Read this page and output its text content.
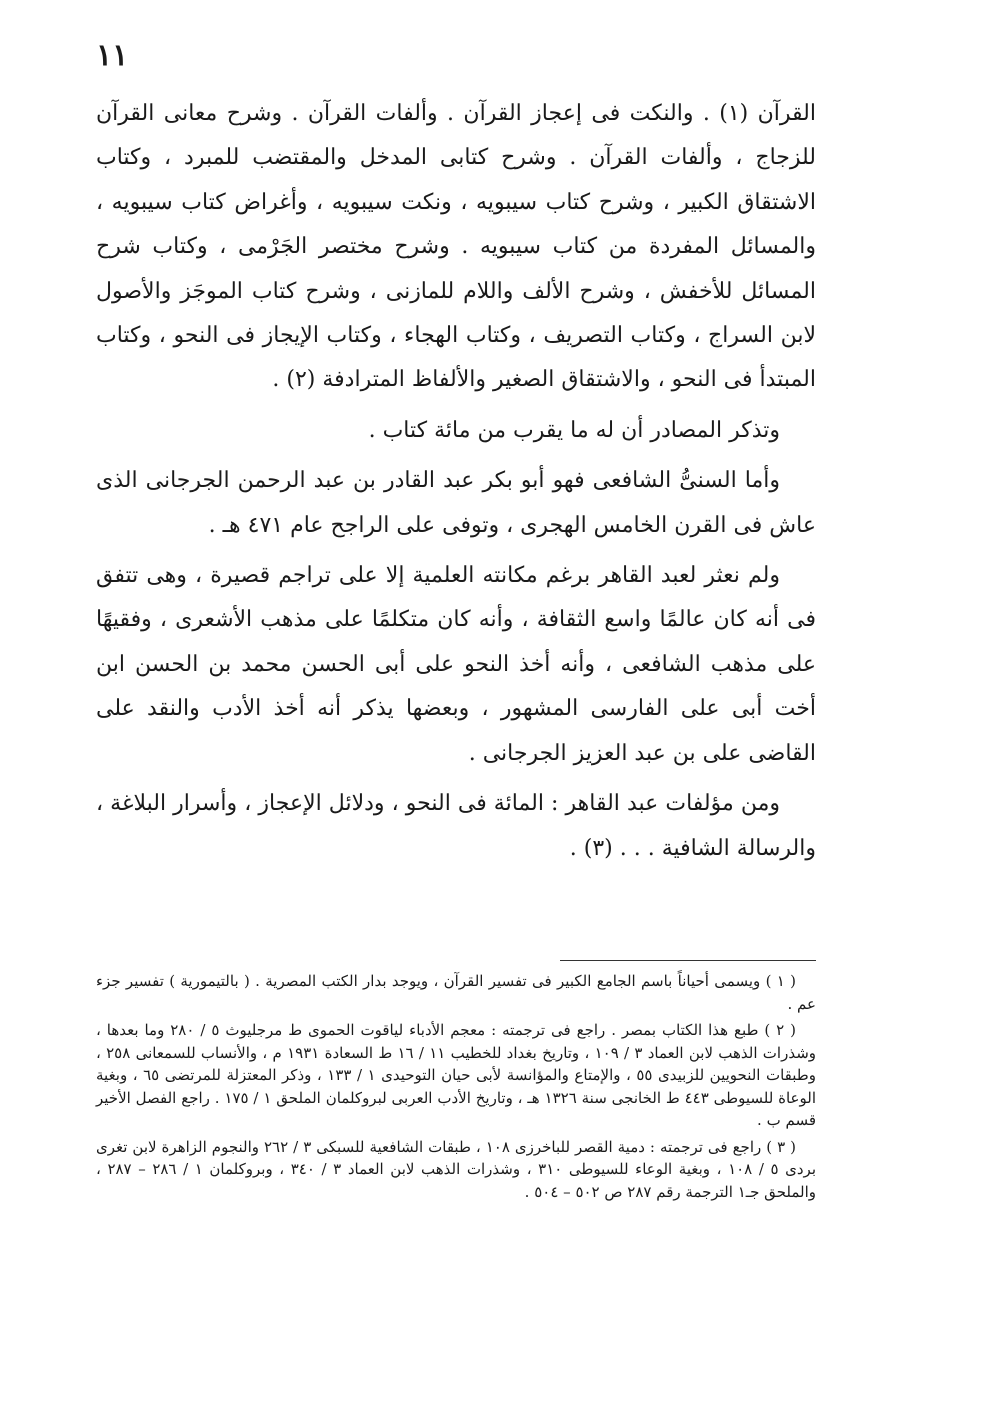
١١

القرآن (١) . والنكت فى إعجاز القرآن . وألفات القرآن . وشرح معانى القرآن للزجاج ، وألفات القرآن . وشرح كتابى المدخل والمقتضب للمبرد ، وكتاب الاشتقاق الكبير ، وشرح كتاب سيبويه ، ونكت سيبويه ، وأغراض كتاب سيبويه ، والمسائل المفردة من كتاب سيبويه . وشرح مختصر الجَرْمى ، وكتاب شرح المسائل للأخفش ، وشرح الألف واللام للمازنى ، وشرح كتاب الموجَز والأصول لابن السراج ، وكتاب التصريف ، وكتاب الهجاء ، وكتاب الإيجاز فى النحو ، وكتاب المبتدأ فى النحو ، والاشتقاق الصغير والألفاظ المترادفة (٢) .

وتذكر المصادر أن له ما يقرب من مائة كتاب .

وأما السنىُّ الشافعى فهو أبو بكر عبد القادر بن عبد الرحمن الجرجانى الذى عاش فى القرن الخامس الهجرى ، وتوفى على الراجح عام ٤٧١ هـ .

ولم نعثر لعبد القاهر برغم مكانته العلمية إلا على تراجم قصيرة ، وهى تتفق فى أنه كان عالمًا واسع الثقافة ، وأنه كان متكلمًا على مذهب الأشعرى ، وفقيهًا على مذهب الشافعى ، وأنه أخذ النحو على أبى الحسن محمد بن الحسن ابن أخت أبى على الفارسى المشهور ، وبعضها يذكر أنه أخذ الأدب والنقد على القاضى على بن عبد العزيز الجرجانى .

ومن مؤلفات عبد القاهر : المائة فى النحو ، ودلائل الإعجاز ، وأسرار البلاغة ، والرسالة الشافية . . . (٣) .

( ١ ) ويسمى أحياناً باسم الجامع الكبير فى تفسير القرآن ، ويوجد بدار الكتب المصرية . ( بالتيمورية ) تفسير جزء عم .

( ٢ ) طبع هذا الكتاب بمصر . راجع فى ترجمته : معجم الأدباء لياقوت الحموى ط مرجليوث ٥ / ٢٨٠ وما بعدها ، وشذرات الذهب لابن العماد ٣ / ١٠٩ ، وتاريخ بغداد للخطيب ١١ / ١٦ ط السعادة ١٩٣١ م ، والأنساب للسمعانى ٢٥٨ ، وطبقات النحويين للزبيدى ٥٥ ، والإمتاع والمؤانسة لأبى حيان التوحيدى ١ / ١٣٣ ، وذكر المعتزلة للمرتضى ٦٥ ، وبغية الوعاة للسيوطى ٤٤٣ ط الخانجى سنة ١٣٢٦ هـ ، وتاريخ الأدب العربى لبروكلمان الملحق ١ / ١٧٥ . راجع الفصل الأخير قسم ب .

( ٣ ) راجع فى ترجمته : دمية القصر للباخرزى ١٠٨ ، طبقات الشافعية للسبكى ٣ / ٢٦٢ والنجوم الزاهرة لابن تغرى بردى ٥ / ١٠٨ ، وبغية الوعاء للسيوطى ٣١٠ ، وشذرات الذهب لابن العماد ٣ / ٣٤٠ ، وبروكلمان ١ / ٢٨٦ – ٢٨٧ ، والملحق جـ١ الترجمة رقم ٢٨٧ ص ٥٠٢ – ٥٠٤ .
